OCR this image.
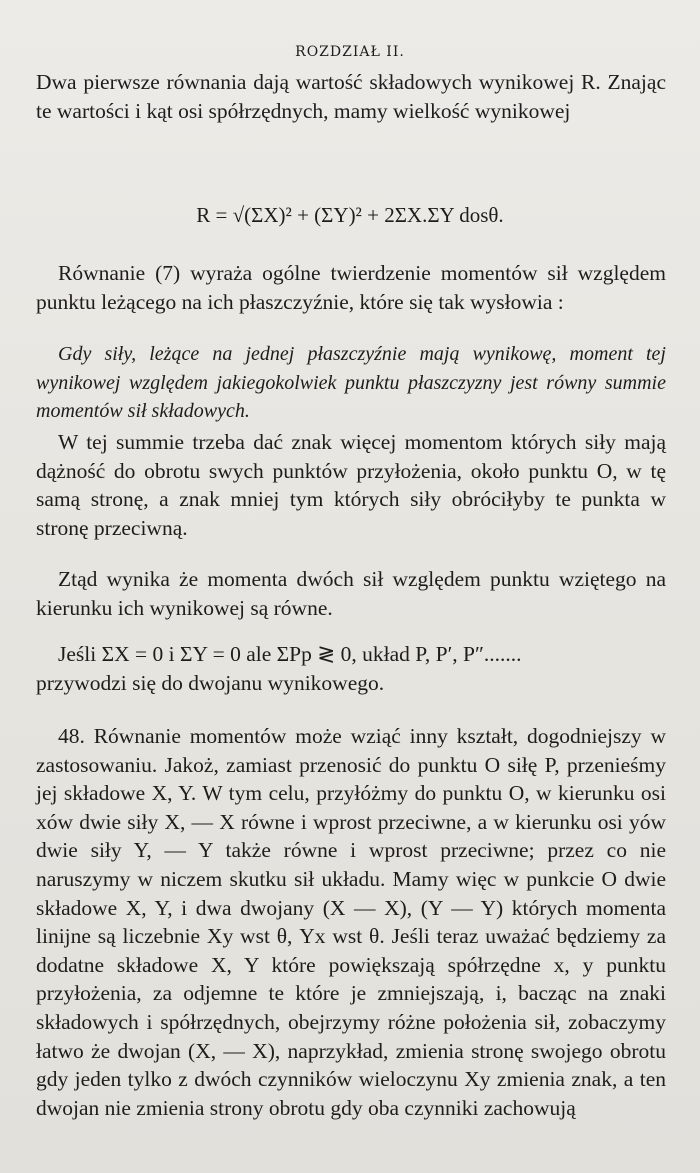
ROZDZIAŁ II.

Dwa pierwsze równania dają wartość składowych wynikowej R. Znając te wartości i kąt osi spółrzędnych, mamy wielkość wynikowej

R = √(ΣX)² + (ΣY)² + 2ΣX.ΣY dosθ.

Równanie (7) wyraża ogólne twierdzenie momentów sił względem punktu leżącego na ich płaszczyźnie, które się tak wysłowia :

Gdy siły, leżące na jednej płaszczyźnie mają wynikowę, moment tej wynikowej względem jakiegokolwiek punktu płaszczyzny jest równy summie momentów sił składowych.

W tej summie trzeba dać znak więcej momentom których siły mają dążność do obrotu swych punktów przyłożenia, około punktu O, w tę samą stronę, a znak mniej tym których siły obróciłyby te punkta w stronę przeciwną.

Ztąd wynika że momenta dwóch sił względem punktu wziętego na kierunku ich wynikowej są równe.

Jeśli ΣX = 0 i ΣY = 0 ale ΣPp ≷ 0, układ P, P′, P″.......

przywodzi się do dwojanu wynikowego.

48. Równanie momentów może wziąć inny kształt, dogodniejszy w zastosowaniu. Jakoż, zamiast przenosić do punktu O siłę P, przenieśmy jej składowe X, Y. W tym celu, przyłóżmy do punktu O, w kierunku osi xów dwie siły X, — X równe i wprost przeciwne, a w kierunku osi yów dwie siły Y, — Y także równe i wprost przeciwne; przez co nie naruszymy w niczem skutku sił układu. Mamy więc w punkcie O dwie składowe X, Y, i dwa dwojany (X — X), (Y — Y) których momenta linijne są liczebnie Xy wst θ, Yx wst θ. Jeśli teraz uważać będziemy za dodatne składowe X, Y które powiększają spółrzędne x, y punktu przyłożenia, za odjemne te które je zmniejszają, i, bacząc na znaki składowych i spółrzędnych, obejrzymy różne położenia sił, zobaczymy łatwo że dwojan (X, — X), naprzykład, zmienia stronę swojego obrotu gdy jeden tylko z dwóch czynników wieloczynu Xy zmienia znak, a ten dwojan nie zmienia strony obrotu gdy oba czynniki zachowują
